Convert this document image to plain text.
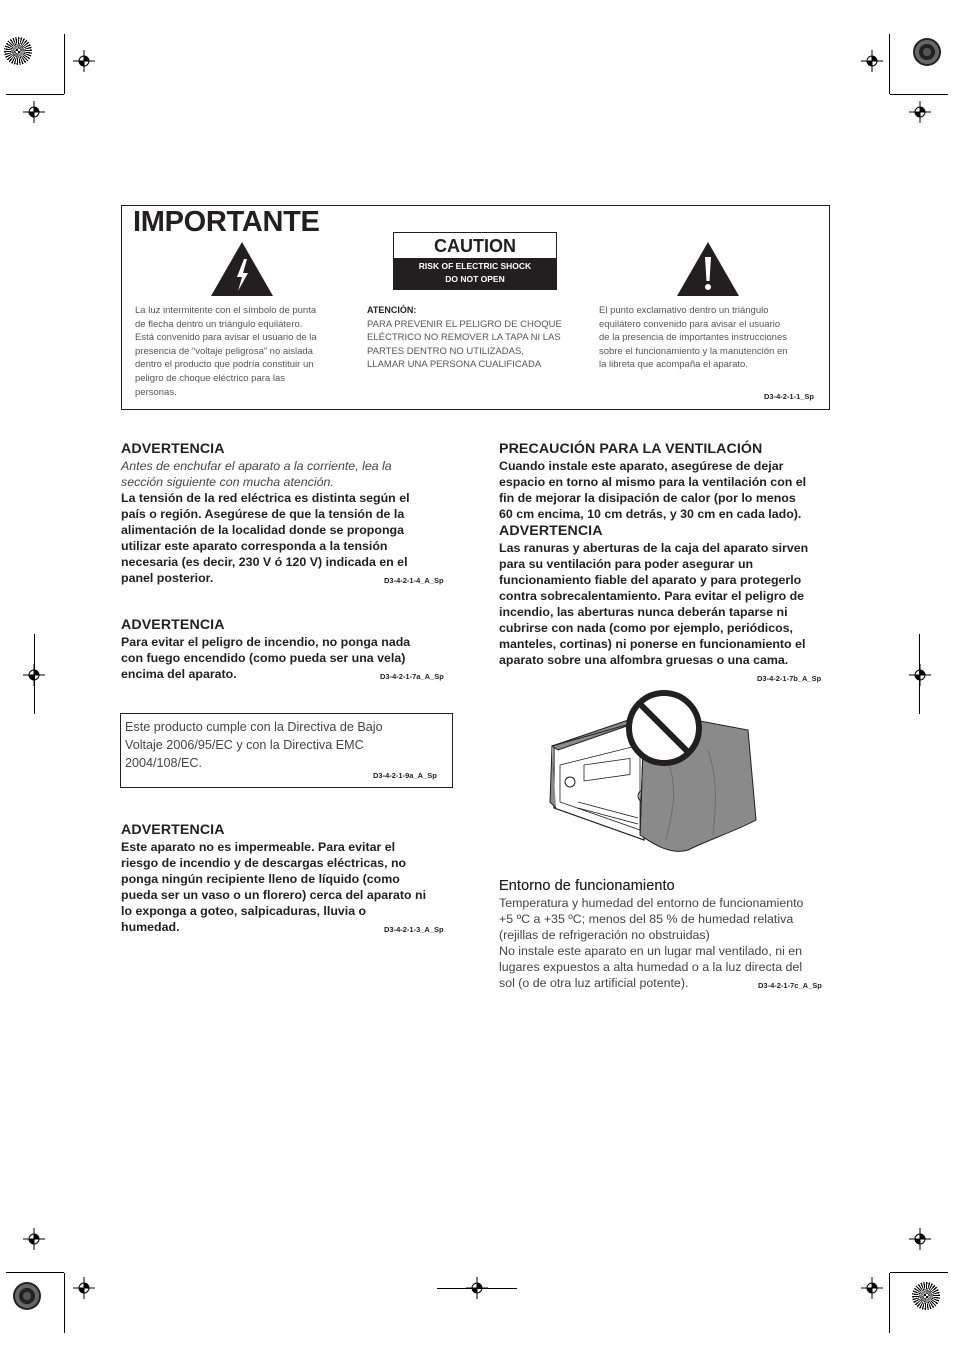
IMPORTANTE
CAUTION
RISK OF ELECTRIC SHOCK
DO NOT OPEN
La luz intermitente con el símbolo de punta
de flecha dentro un triángulo equilátero.
Está convenido para avisar el usuario de la
presencia de “voltaje peligrosa” no aislada
dentro el producto que podría constituir un
peligro de choque eléctrico para las
personas.
ATENCIÓN:
PARA PREVENIR EL PELIGRO DE CHOQUE
ELÉCTRICO NO REMOVER LA TAPA NI LAS
PARTES DENTRO NO UTILIZADAS,
LLAMAR UNA PERSONA CUALIFICADA
El punto exclamativo dentro un triángulo
equilátero convenido para avisar el usuario
de la presencia de importantes instrucciones
sobre el funcionamiento y la manutención en
la libreta que acompaña el aparato.
D3-4-2-1-1_Sp
ADVERTENCIA
Antes de enchufar el aparato a la corriente, lea la
sección siguiente con mucha atención.
La tensión de la red eléctrica es distinta según el
país o región. Asegúrese de que la tensión de la
alimentación de la localidad donde se proponga
utilizar este aparato corresponda a la tensión
necesaria (es decir, 230 V ó 120 V) indicada en el
panel posterior.	D3-4-2-1-4_A_Sp
ADVERTENCIA
Para evitar el peligro de incendio, no ponga nada
con fuego encendido (como pueda ser una vela)
encima del aparato.	D3-4-2-1-7a_A_Sp
Este producto cumple con la Directiva de Bajo
Voltaje 2006/95/EC y con la Directiva EMC
2004/108/EC.
D3-4-2-1-9a_A_Sp
ADVERTENCIA
Este aparato no es impermeable. Para evitar el
riesgo de incendio y de descargas eléctricas, no
ponga ningún recipiente lleno de líquido (como
pueda ser un vaso o un florero) cerca del aparato ni
lo exponga a goteo, salpicaduras, lluvia o
humedad.	D3-4-2-1-3_A_Sp
PRECAUCIÓN PARA LA VENTILACIÓN
Cuando instale este aparato, asegúrese de dejar
espacio en torno al mismo para la ventilación con el
fin de mejorar la disipación de calor (por lo menos
60 cm encima, 10 cm detrás, y 30 cm en cada lado).
ADVERTENCIA
Las ranuras y aberturas de la caja del aparato sirven
para su ventilación para poder asegurar un
funcionamiento fiable del aparato y para protegerlo
contra sobrecalentamiento. Para evitar el peligro de
incendio, las aberturas nunca deberán taparse ni
cubrirse con nada (como por ejemplo, periódicos,
manteles, cortinas) ni ponerse en funcionamiento el
aparato sobre una alfombra gruesas o una cama.
D3-4-2-1-7b_A_Sp
Entorno de funcionamiento
Temperatura y humedad del entorno de funcionamiento
+5 ºC a +35 ºC; menos del 85 % de humedad relativa
(rejillas de refrigeración no obstruidas)
No instale este aparato en un lugar mal ventilado, ni en
lugares expuestos a alta humedad o a la luz directa del
sol (o de otra luz artificial potente).	D3-4-2-1-7c_A_Sp
